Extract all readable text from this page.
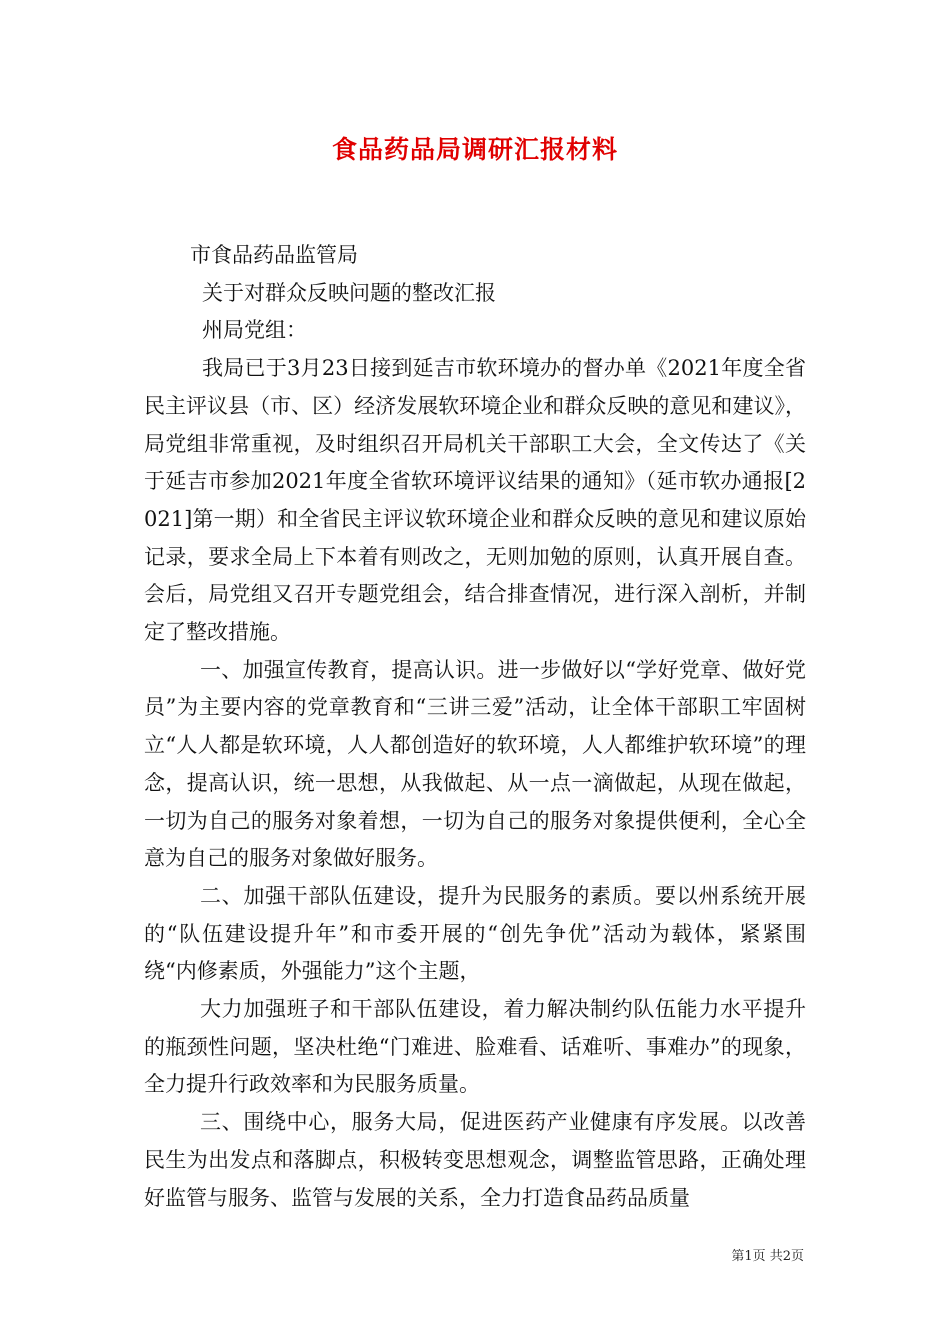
食品药品局调研汇报材料

市食品药品监管局

关于对群众反映问题的整改汇报

州局党组：

我局已于3月23日接到延吉市软环境办的督办单《2021年度全省民主评议县（市、区）经济发展软环境企业和群众反映的意见和建议》，局党组非常重视，及时组织召开局机关干部职工大会，全文传达了《关于延吉市参加2021年度全省软环境评议结果的通知》（延市软办通报[2021]第一期）和全省民主评议软环境企业和群众反映的意见和建议原始记录，要求全局上下本着有则改之，无则加勉的原则，认真开展自查。会后，局党组又召开专题党组会，结合排查情况，进行深入剖析，并制定了整改措施。

一、加强宣传教育，提高认识。进一步做好以“学好党章、做好党员”为主要内容的党章教育和“三讲三爱”活动，让全体干部职工牢固树立“人人都是软环境，人人都创造好的软环境，人人都维护软环境”的理念，提高认识，统一思想，从我做起、从一点一滴做起，从现在做起，一切为自己的服务对象着想，一切为自己的服务对象提供便利，全心全意为自己的服务对象做好服务。

二、加强干部队伍建设，提升为民服务的素质。要以州系统开展的“队伍建设提升年”和市委开展的“创先争优”活动为载体，紧紧围绕“内修素质，外强能力”这个主题，

大力加强班子和干部队伍建设，着力解决制约队伍能力水平提升的瓶颈性问题，坚决杜绝“门难进、脸难看、话难听、事难办”的现象，全力提升行政效率和为民服务质量。

三、围绕中心，服务大局，促进医药产业健康有序发展。以改善民生为出发点和落脚点，积极转变思想观念，调整监管思路，正确处理好监管与服务、监管与发展的关系，全力打造食品药品质量

第1页 共2页
